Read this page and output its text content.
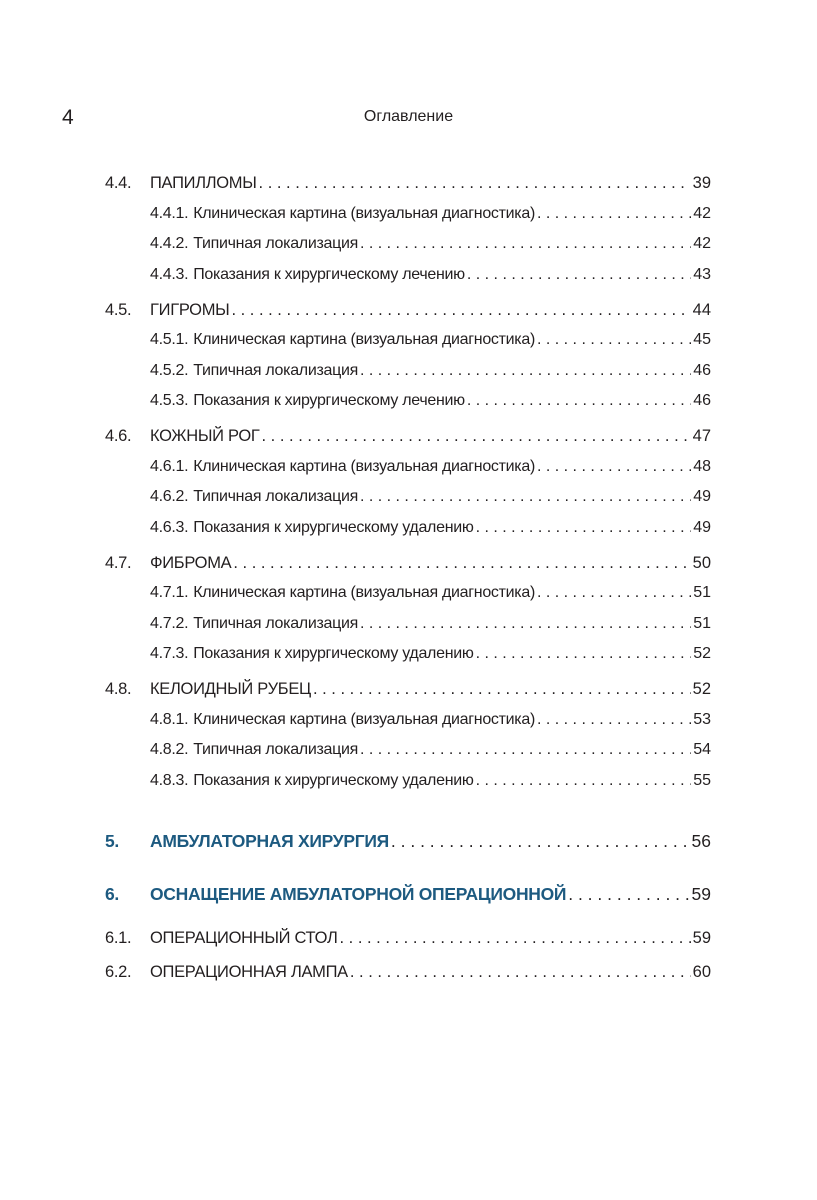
4	Оглавление
4.4.	ПАПИЛЛОМЫ . . .	39
4.4.1. Клиническая картина (визуальная диагностика) . . .	42
4.4.2. Типичная локализация . . .	42
4.4.3. Показания к хирургическому лечению . . .	43
4.5.	ГИГРОМЫ . . .	44
4.5.1. Клиническая картина (визуальная диагностика) . . .	45
4.5.2. Типичная локализация . . .	46
4.5.3. Показания к хирургическому лечению . . .	46
4.6.	КОЖНЫЙ РОГ . . .	47
4.6.1. Клиническая картина (визуальная диагностика) . . .	48
4.6.2. Типичная локализация . . .	49
4.6.3. Показания к хирургическому удалению . . .	49
4.7.	ФИБРОМА . . .	50
4.7.1. Клиническая картина (визуальная диагностика) . . .	51
4.7.2. Типичная локализация . . .	51
4.7.3. Показания к хирургическому удалению . . .	52
4.8.	КЕЛОИДНЫЙ РУБЕЦ . . .	52
4.8.1. Клиническая картина (визуальная диагностика) . . .	53
4.8.2. Типичная локализация . . .	54
4.8.3. Показания к хирургическому удалению . . .	55
5.	АМБУЛАТОРНАЯ ХИРУРГИЯ . . .	56
6.	ОСНАЩЕНИЕ АМБУЛАТОРНОЙ ОПЕРАЦИОННОЙ . . .	59
6.1.	ОПЕРАЦИОННЫЙ СТОЛ . . .	59
6.2.	ОПЕРАЦИОННАЯ ЛАМПА . . .	60
